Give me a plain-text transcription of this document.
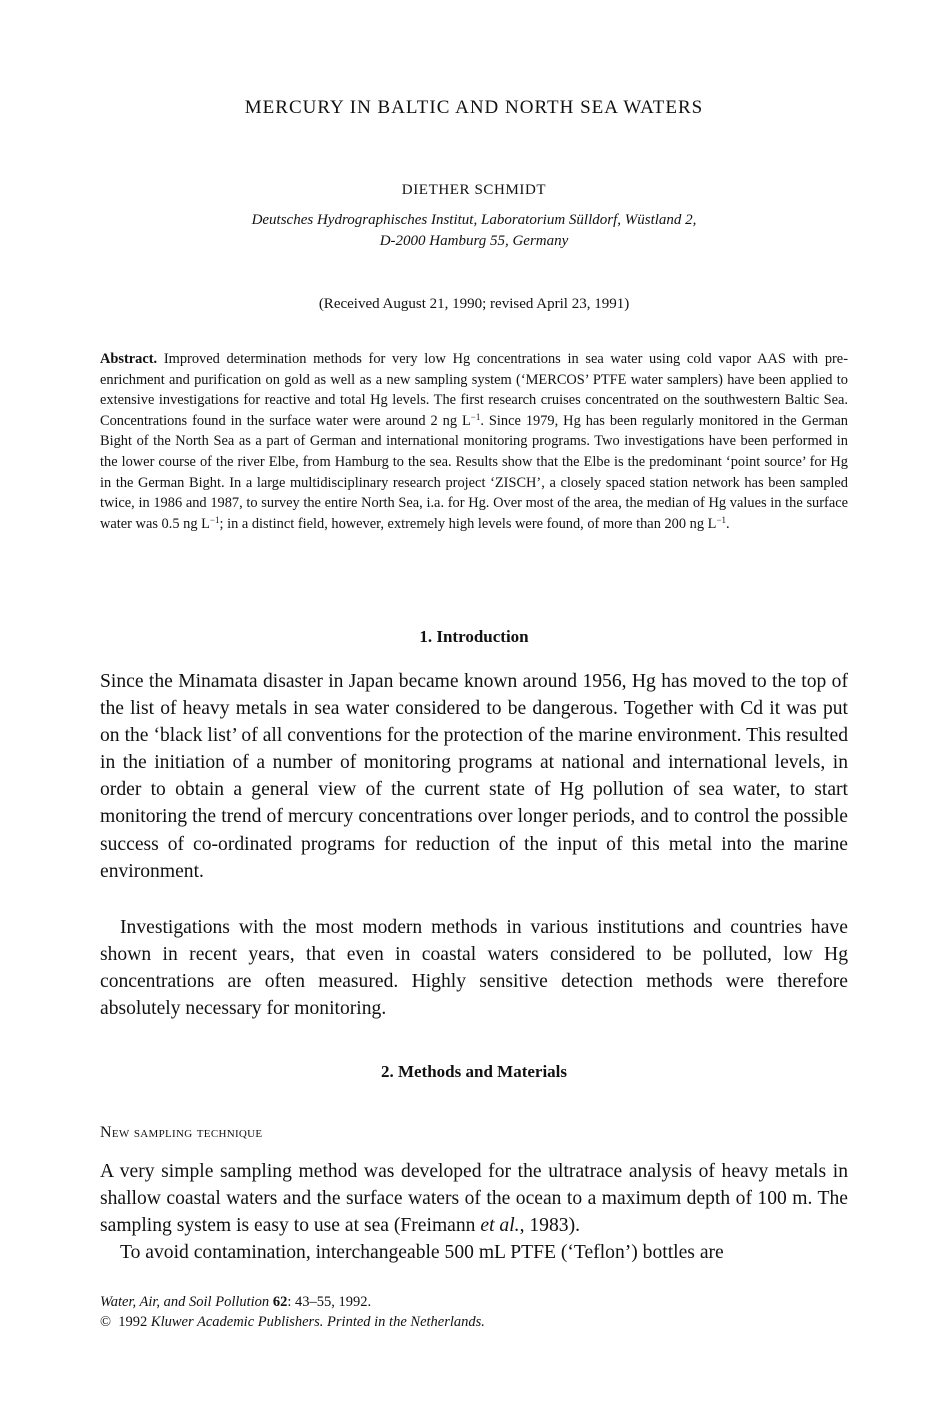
MERCURY IN BALTIC AND NORTH SEA WATERS
DIETHER SCHMIDT
Deutsches Hydrographisches Institut, Laboratorium Sülldorf, Wüstland 2,
D-2000 Hamburg 55, Germany
(Received August 21, 1990; revised April 23, 1991)
Abstract. Improved determination methods for very low Hg concentrations in sea water using cold vapor AAS with pre-enrichment and purification on gold as well as a new sampling system (‘MERCOS’ PTFE water samplers) have been applied to extensive investigations for reactive and total Hg levels. The first research cruises concentrated on the southwestern Baltic Sea. Concentrations found in the surface water were around 2 ng $L^{-1}$. Since 1979, Hg has been regularly monitored in the German Bight of the North Sea as a part of German and international monitoring programs. Two investigations have been performed in the lower course of the river Elbe, from Hamburg to the sea. Results show that the Elbe is the predominant ‘point source’ for Hg in the German Bight. In a large multidisciplinary research project ‘ZISCH’, a closely spaced station network has been sampled twice, in 1986 and 1987, to survey the entire North Sea, i.a. for Hg. Over most of the area, the median of Hg values in the surface water was 0.5 ng $L^{-1}$; in a distinct field, however, extremely high levels were found, of more than 200 ng $L^{-1}$.
1. Introduction
Since the Minamata disaster in Japan became known around 1956, Hg has moved to the top of the list of heavy metals in sea water considered to be dangerous. Together with Cd it was put on the ‘black list’ of all conventions for the protection of the marine environment. This resulted in the initiation of a number of monitoring programs at national and international levels, in order to obtain a general view of the current state of Hg pollution of sea water, to start monitoring the trend of mercury concentrations over longer periods, and to control the possible success of co-ordinated programs for reduction of the input of this metal into the marine environment.
Investigations with the most modern methods in various institutions and countries have shown in recent years, that even in coastal waters considered to be polluted, low Hg concentrations are often measured. Highly sensitive detection methods were therefore absolutely necessary for monitoring.
2. Methods and Materials
New sampling technique
A very simple sampling method was developed for the ultratrace analysis of heavy metals in shallow coastal waters and the surface waters of the ocean to a maximum depth of 100 m. The sampling system is easy to use at sea (Freimann et al., 1983).
To avoid contamination, interchangeable 500 mL PTFE (‘Teflon’) bottles are
Water, Air, and Soil Pollution 62: 43–55, 1992.
©  1992 Kluwer Academic Publishers. Printed in the Netherlands.
